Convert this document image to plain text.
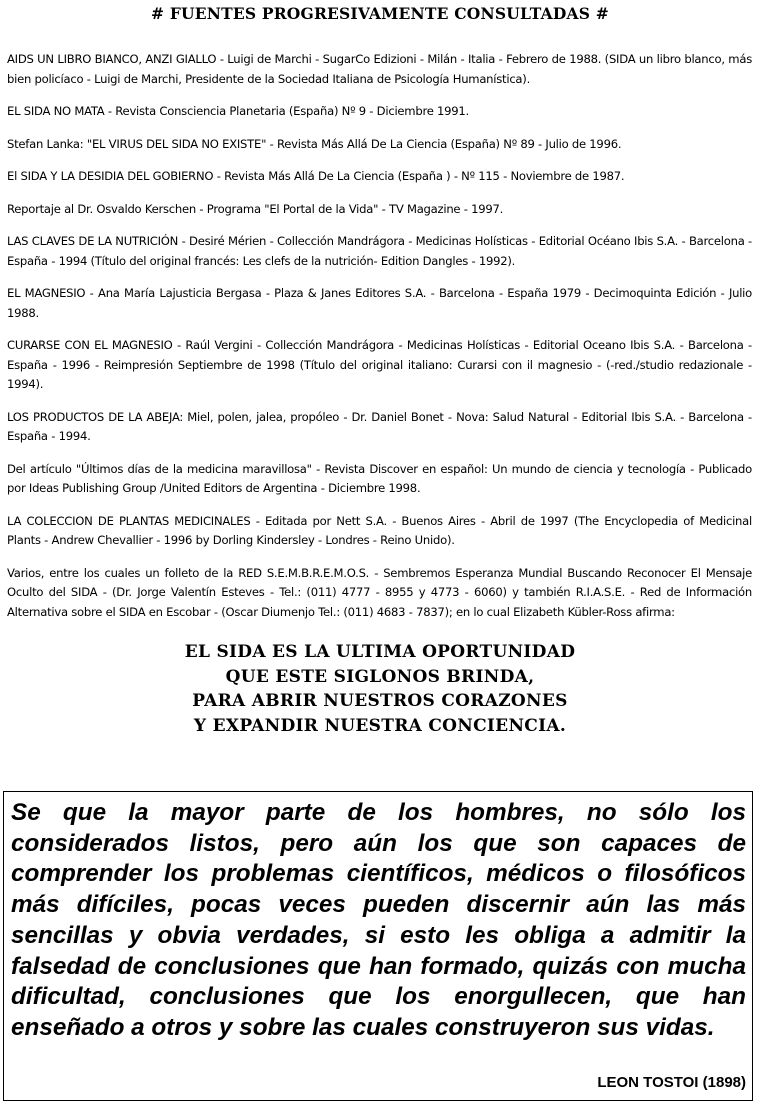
# FUENTES PROGRESIVAMENTE CONSULTADAS #

AIDS UN LIBRO BIANCO, ANZI GIALLO - Luigi de Marchi - SugarCo Edizioni - Milán - Italia - Febrero de 1988. (SIDA un libro blanco, más bien policíaco - Luigi de Marchi, Presidente de la Sociedad Italiana de Psicología Humanística).

EL SIDA NO MATA - Revista Consciencia Planetaria (España) Nº 9 - Diciembre 1991.

Stefan Lanka: "EL VIRUS DEL SIDA NO EXISTE" - Revista Más Allá De La Ciencia (España) Nº 89 - Julio de 1996.

El SIDA Y LA DESIDIA DEL GOBIERNO - Revista Más Allá De La Ciencia (España ) - Nº 115 - Noviembre de 1987.

Reportaje al Dr. Osvaldo Kerschen - Programa "El Portal de la Vida" - TV Magazine - 1997.

LAS CLAVES DE LA NUTRICIÓN - Desiré Mérien - Collección Mandrágora - Medicinas Holísticas - Editorial Océano Ibis S.A. - Barcelona - España - 1994 (Título del original francés: Les clefs de la nutrición- Edition Dangles - 1992).

EL MAGNESIO - Ana María Lajusticia Bergasa - Plaza & Janes Editores S.A. - Barcelona - España 1979 - Decimoquinta Edición - Julio 1988.

CURARSE CON EL MAGNESIO - Raúl Vergini - Collección Mandrágora - Medicinas Holísticas - Editorial Oceano Ibis S.A. - Barcelona - España - 1996 - Reimpresión Septiembre de 1998 (Título del original italiano: Curarsi con il magnesio - (-red./studio redazionale - 1994).

LOS PRODUCTOS DE LA ABEJA: Miel, polen, jalea, propóleo - Dr. Daniel Bonet - Nova: Salud Natural - Editorial Ibis S.A. - Barcelona - España - 1994.

Del artículo "Últimos días de la medicina maravillosa" - Revista Discover en español: Un mundo de ciencia y tecnología - Publicado por Ideas Publishing Group /United Editors de Argentina - Diciembre 1998.

LA COLECCION DE PLANTAS MEDICINALES - Editada por Nett S.A. - Buenos Aires - Abril de 1997 (The Encyclopedia of Medicinal Plants - Andrew Chevallier - 1996 by Dorling Kindersley - Londres - Reino Unido).

Varios, entre los cuales un folleto de la RED S.E.M.B.R.E.M.O.S. - Sembremos Esperanza Mundial Buscando Reconocer El Mensaje Oculto del SIDA - (Dr. Jorge Valentín Esteves - Tel.: (011) 4777 - 8955 y 4773 - 6060) y también R.I.A.S.E. - Red de Información Alternativa sobre el SIDA en Escobar - (Oscar Diumenjo Tel.: (011) 4683 - 7837); en lo cual Elizabeth Kübler-Ross afirma:

EL SIDA ES LA ULTIMA OPORTUNIDAD
QUE ESTE SIGLONOS BRINDA,
PARA ABRIR NUESTROS CORAZONES
Y EXPANDIR NUESTRA CONCIENCIA.

Se que la mayor parte de los hombres, no sólo los considerados listos, pero aún los que son capaces de comprender los problemas científicos, médicos o filosóficos más difíciles, pocas veces pueden discernir aún las más sencillas y obvia verdades, si esto les obliga a admitir la falsedad de conclusiones que han formado, quizás con mucha dificultad, conclusiones que los enorgullecen, que han enseñado a otros y sobre las cuales construyeron sus vidas.

LEON TOSTOI (1898)
